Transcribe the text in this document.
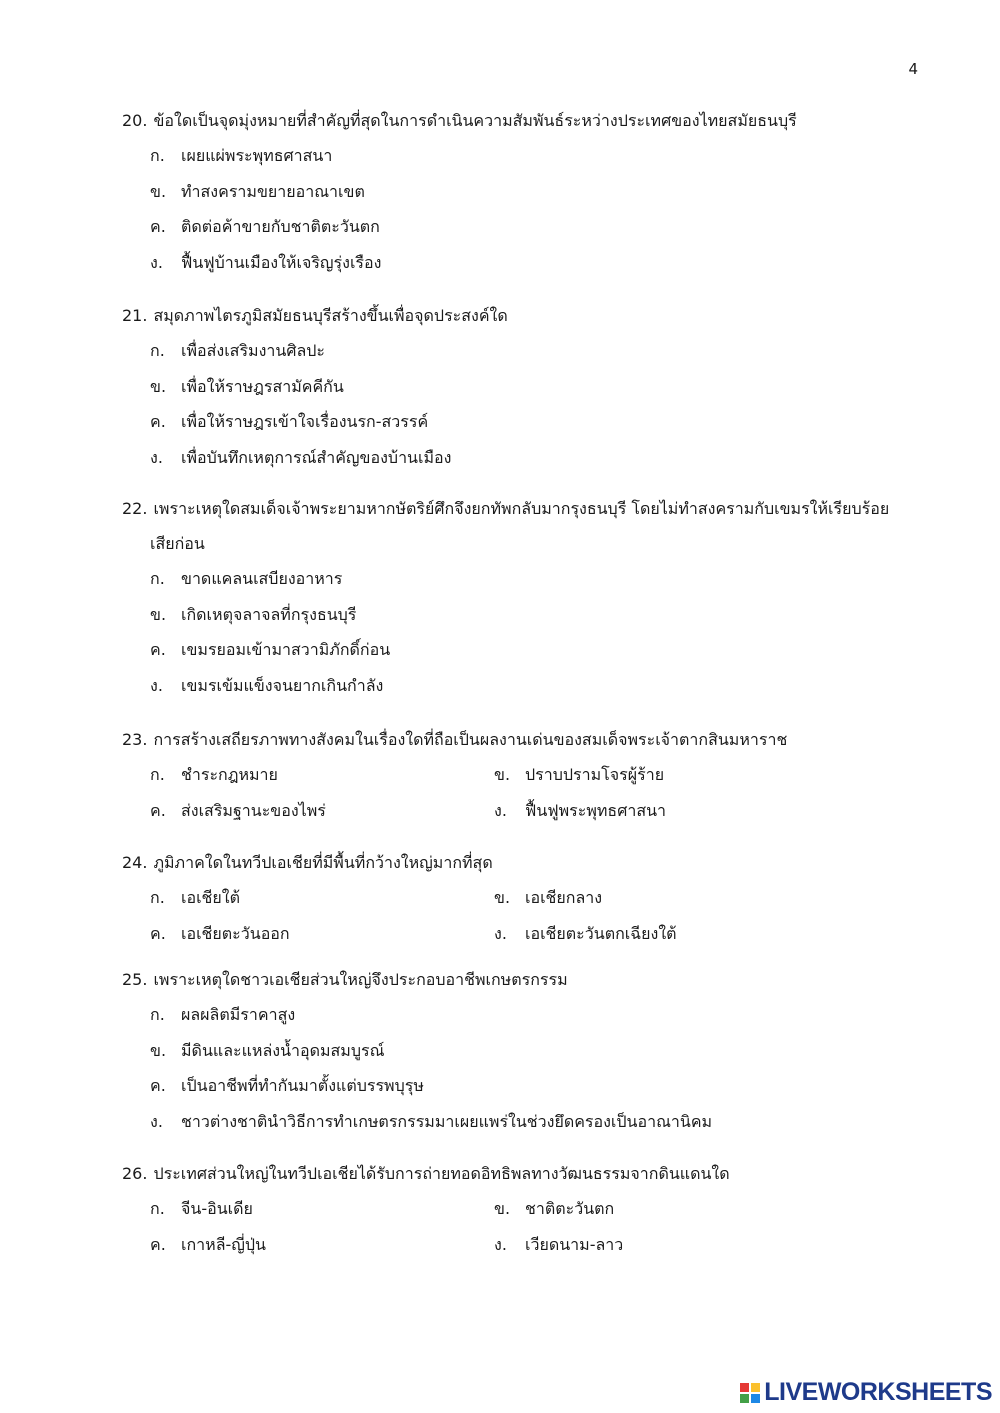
4
20. ข้อใดเป็นจุดมุ่งหมายที่สำคัญที่สุดในการดำเนินความสัมพันธ์ระหว่างประเทศของไทยสมัยธนบุรี
ก.	เผยแผ่พระพุทธศาสนา
ข. ทำสงครามขยายอาณาเขต
ค. ติดต่อค้าขายกับชาติตะวันตก
ง.	ฟื้นฟูบ้านเมืองให้เจริญรุ่งเรือง
21. สมุดภาพไตรภูมิสมัยธนบุรีสร้างขึ้นเพื่อจุดประสงค์ใด
ก.	เพื่อส่งเสริมงานศิลปะ
ข. เพื่อให้ราษฎรสามัคคีกัน
ค. เพื่อให้ราษฎรเข้าใจเรื่องนรก-สวรรค์
ง.	เพื่อบันทึกเหตุการณ์สำคัญของบ้านเมือง
22. เพราะเหตุใดสมเด็จเจ้าพระยามหากษัตริย์ศึกจึงยกทัพกลับมากรุงธนบุรี โดยไม่ทำสงครามกับเขมรให้เรียบร้อย
เสียก่อน
ก.	ขาดแคลนเสบียงอาหาร
ข. เกิดเหตุจลาจลที่กรุงธนบุรี
ค. เขมรยอมเข้ามาสวามิภักดิ์ก่อน
ง.	เขมรเข้มแข็งจนยากเกินกำลัง
23. การสร้างเสถียรภาพทางสังคมในเรื่องใดที่ถือเป็นผลงานเด่นของสมเด็จพระเจ้าตากสินมหาราช
ก.	ชำระกฎหมาย	ข. ปราบปรามโจรผู้ร้าย
ค. ส่งเสริมฐานะของไพร่	ง.	ฟื้นฟูพระพุทธศาสนา
24. ภูมิภาคใดในทวีปเอเชียที่มีพื้นที่กว้างใหญ่มากที่สุด
ก.	เอเชียใต้	ข. เอเชียกลาง
ค. เอเชียตะวันออก	ง.	เอเชียตะวันตกเฉียงใต้
25. เพราะเหตุใดชาวเอเชียส่วนใหญ่จึงประกอบอาชีพเกษตรกรรม
ก.	ผลผลิตมีราคาสูง
ข. มีดินและแหล่งน้ำอุดมสมบูรณ์
ค. เป็นอาชีพที่ทำกันมาตั้งแต่บรรพบุรุษ
ง.	ชาวต่างชาตินำวิธีการทำเกษตรกรรมมาเผยแพร่ในช่วงยึดครองเป็นอาณานิคม
26. ประเทศส่วนใหญ่ในทวีปเอเชียได้รับการถ่ายทอดอิทธิพลทางวัฒนธรรมจากดินแดนใด
ก.	จีน-อินเดีย	ข. ชาติตะวันตก
ค. เกาหลี-ญี่ปุ่น	ง.	เวียดนาม-ลาว
LIVEWORKSHEETS
